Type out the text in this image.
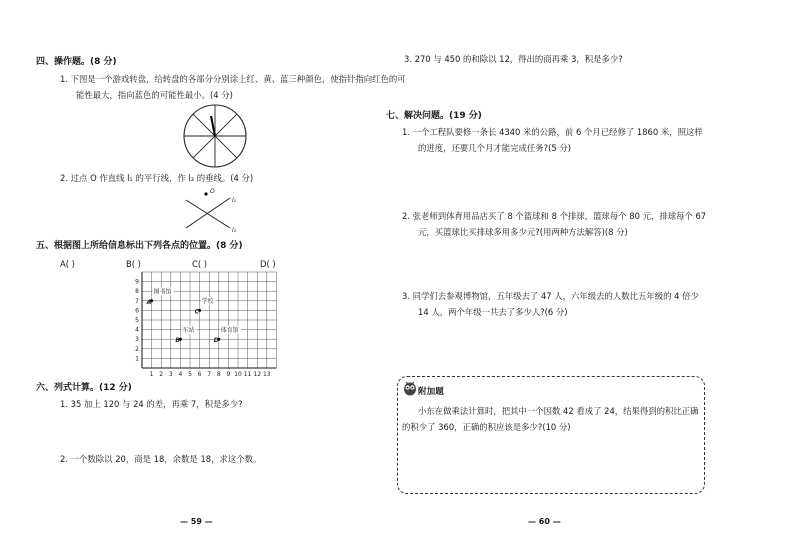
四、操作题。(8 分)
1. 下图是一个游戏转盘，给转盘的各部分分别涂上红、黄、蓝三种颜色，使指针指向红色的可
能性最大，指向蓝色的可能性最小。(4 分)
2. 过点 O 作直线 l₁ 的平行线，作 l₂ 的垂线。(4 分)
O
l₁
l₂
五、根据图上所给信息标出下列各点的位置。(8 分)
A( )	B( )	C( )	D( )
1 2 3 4 5 6 7 8 9 10 11 12 13
1
2
3
4
5
6
7
8
9
图书馆
学校
车站	体育馆
A
B
C
D
六、列式计算。(12 分)
1. 35 加上 120 与 24 的差，再乘 7，积是多少?
2. 一个数除以 20，商是 18，余数是 18，求这个数。
— 59 —
3. 270 与 450 的和除以 12，得出的商再乘 3，积是多少?
七、解决问题。(19 分)
1. 一个工程队要修一条长 4340 米的公路，前 6 个月已经修了 1860 米，照这样
的进度，还要几个月才能完成任务?(5 分)
2. 张老师到体育用品店买了 8 个篮球和 8 个排球，篮球每个 80 元，排球每个 67
元，买篮球比买排球多用多少元?(用两种方法解答)(8 分)
3. 同学们去参观博物馆，五年级去了 47 人，六年级去的人数比五年级的 4 倍少
14 人，两个年级一共去了多少人?(6 分)
— 60 —
附加题
小东在做乘法计算时，把其中一个因数 42 看成了 24，结果得到的积比正确
的积少了 360，正确的积应该是多少?(10 分)
